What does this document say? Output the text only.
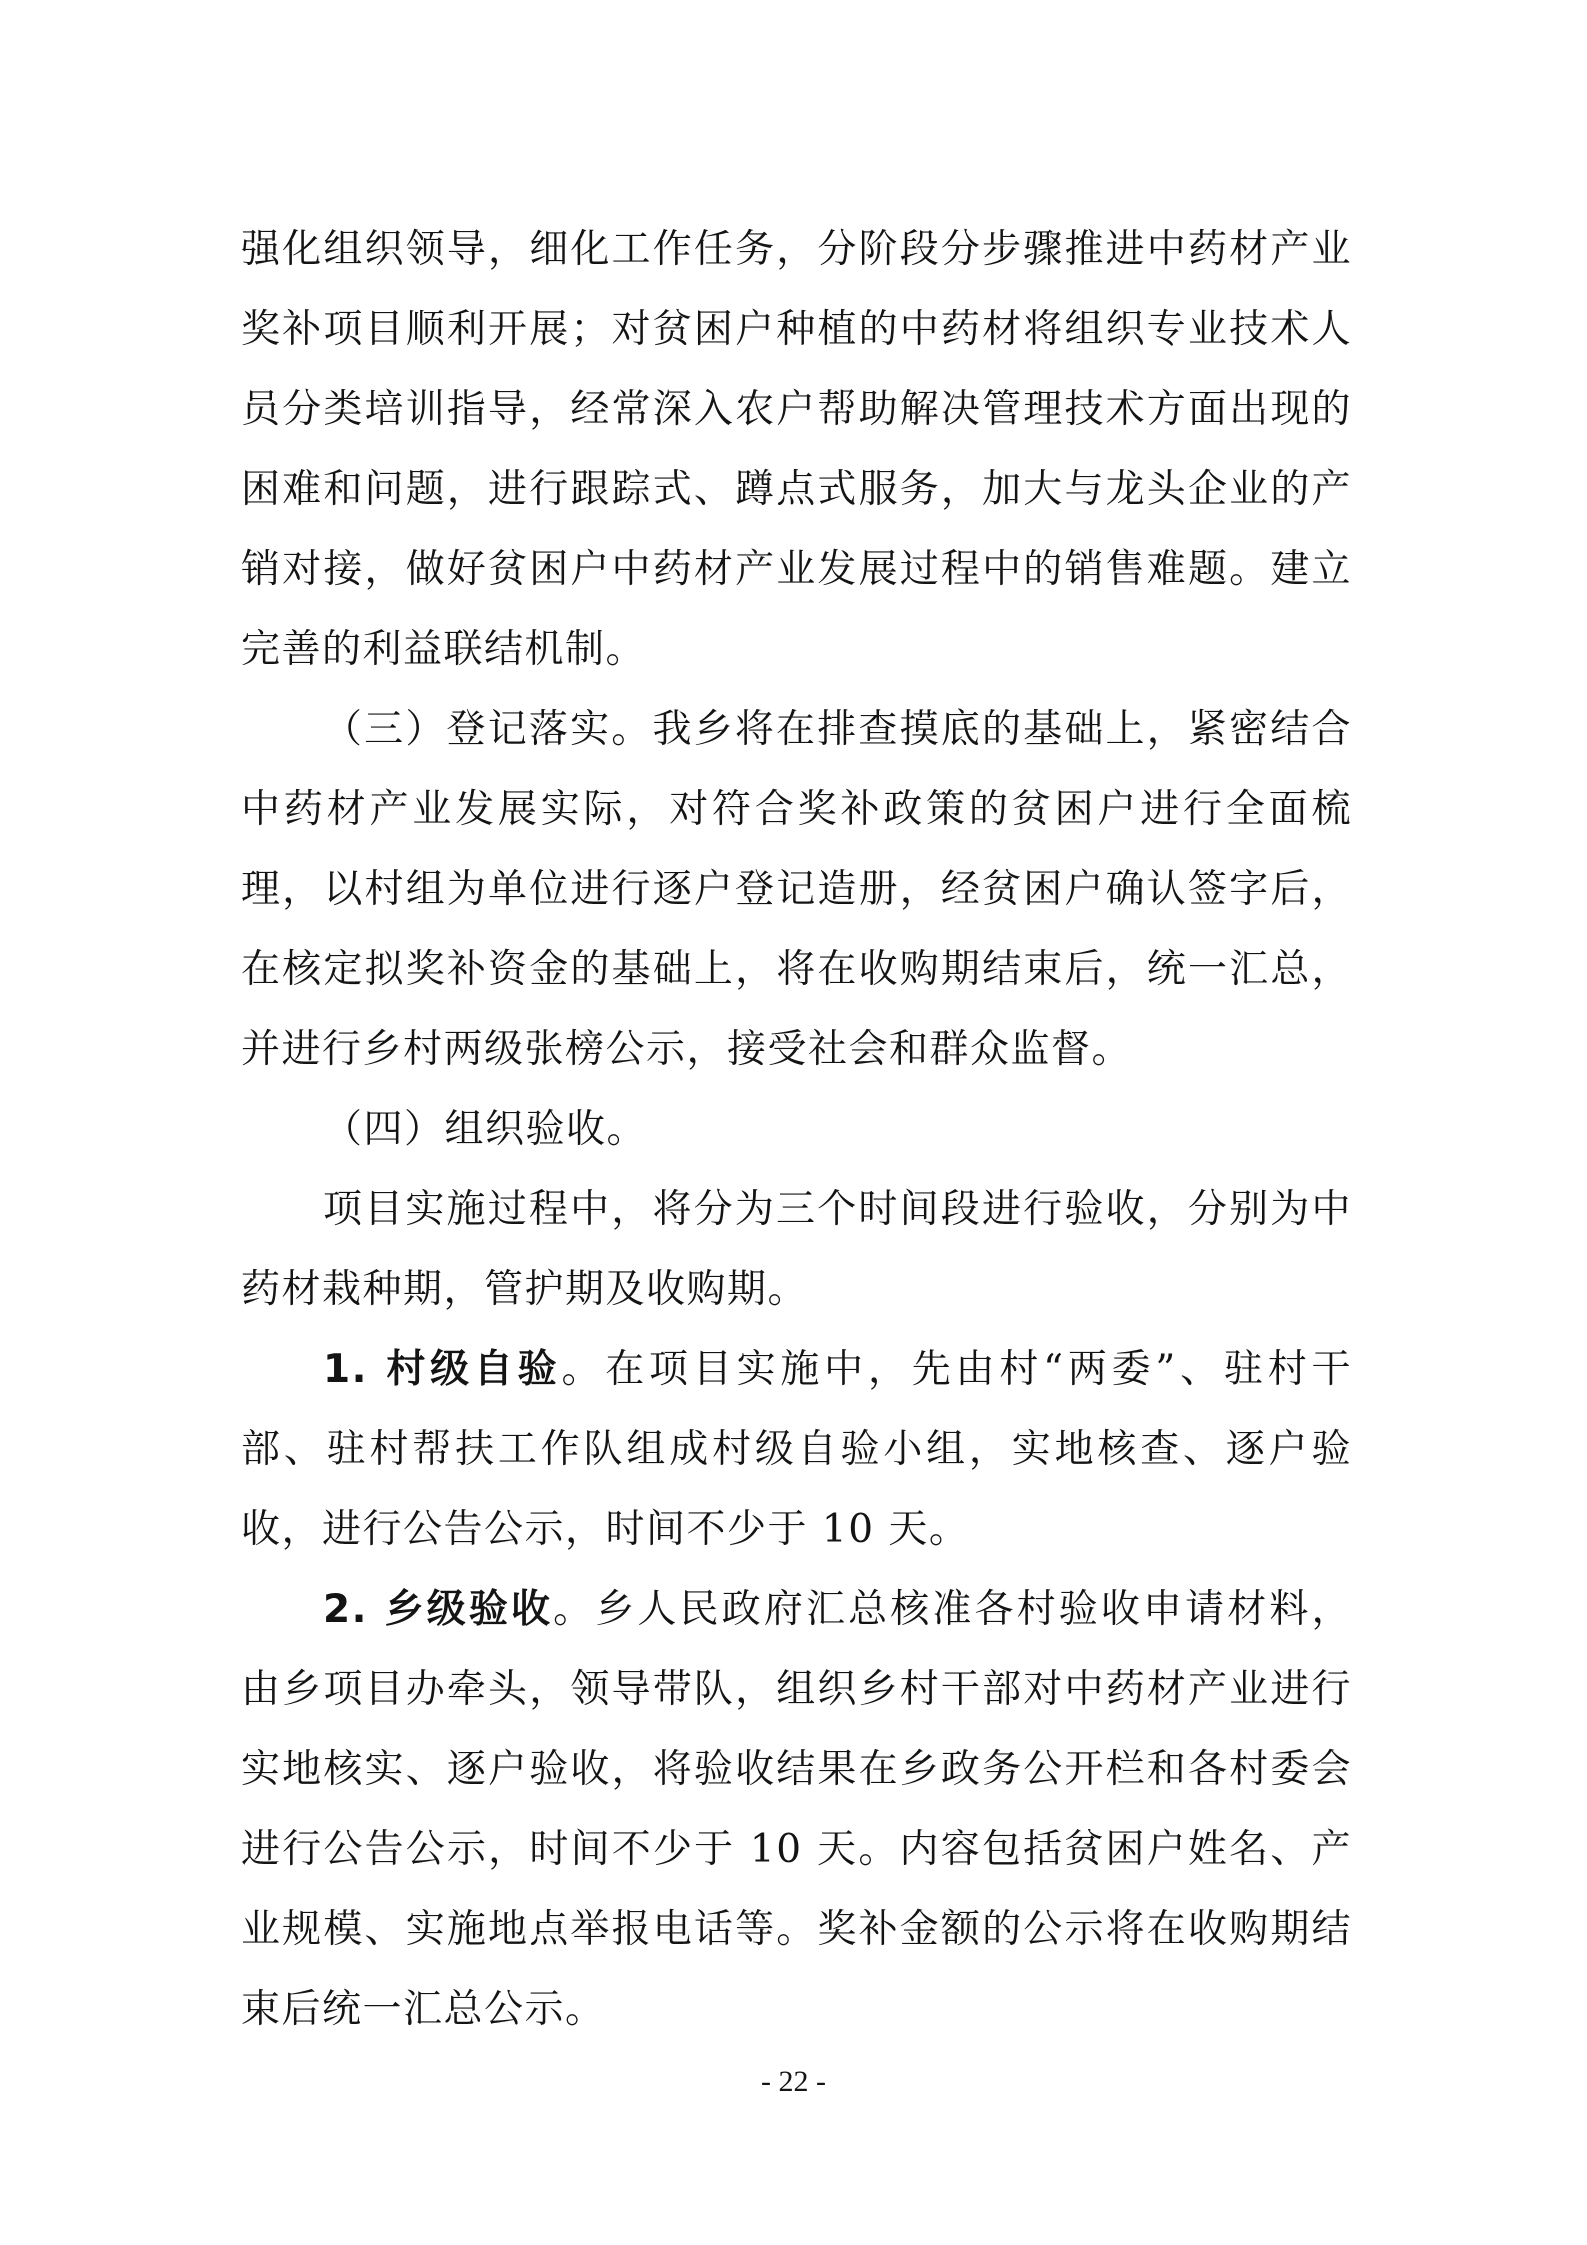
强化组织领导，细化工作任务，分阶段分步骤推进中药材产业奖补项目顺利开展；对贫困户种植的中药材将组织专业技术人员分类培训指导，经常深入农户帮助解决管理技术方面出现的困难和问题，进行跟踪式、蹲点式服务，加大与龙头企业的产销对接，做好贫困户中药材产业发展过程中的销售难题。建立完善的利益联结机制。

（三）登记落实。我乡将在排查摸底的基础上，紧密结合中药材产业发展实际，对符合奖补政策的贫困户进行全面梳理，以村组为单位进行逐户登记造册，经贫困户确认签字后，在核定拟奖补资金的基础上，将在收购期结束后，统一汇总，并进行乡村两级张榜公示，接受社会和群众监督。

（四）组织验收。

项目实施过程中，将分为三个时间段进行验收，分别为中药材栽种期，管护期及收购期。

1. 村级自验。在项目实施中，先由村“两委”、驻村干部、驻村帮扶工作队组成村级自验小组，实地核查、逐户验收，进行公告公示，时间不少于 10 天。

2. 乡级验收。乡人民政府汇总核准各村验收申请材料，由乡项目办牵头，领导带队，组织乡村干部对中药材产业进行实地核实、逐户验收，将验收结果在乡政务公开栏和各村委会进行公告公示，时间不少于 10 天。内容包括贫困户姓名、产业规模、实施地点举报电话等。奖补金额的公示将在收购期结束后统一汇总公示。

- 22 -
